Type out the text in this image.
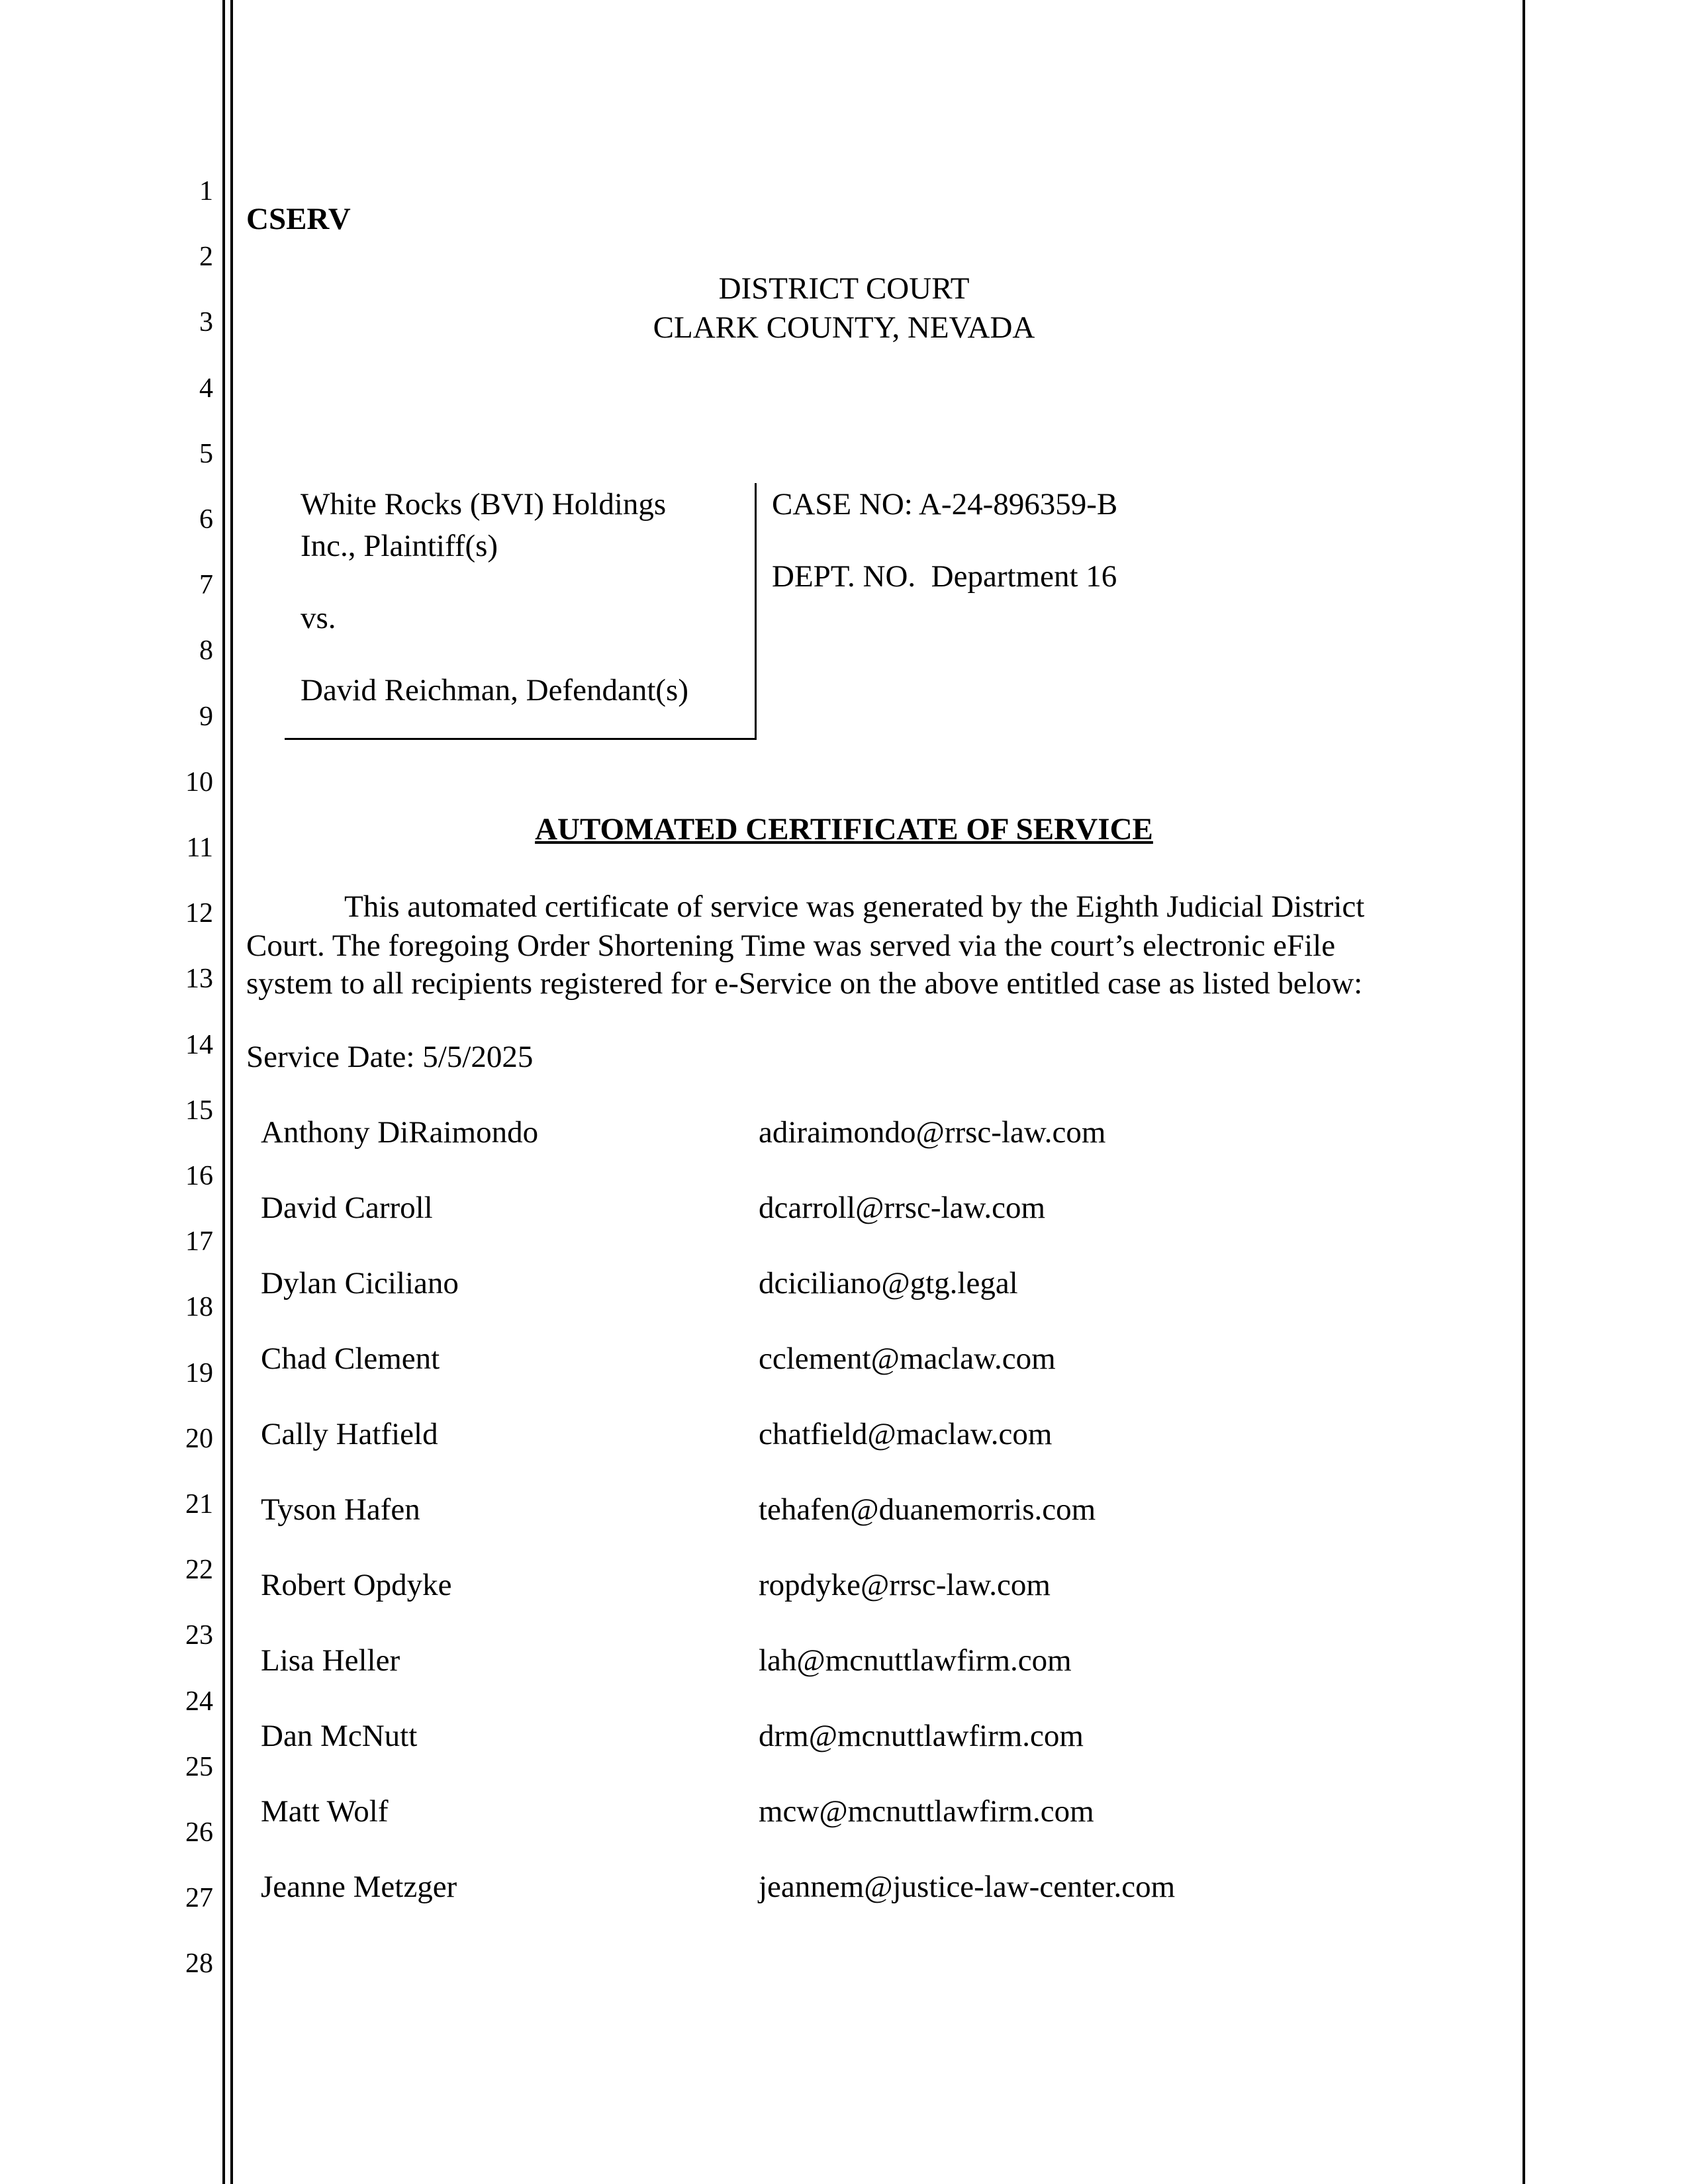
1
2
3
4
5
6
7
8
9
10
11
12
13
14
15
16
17
18
19
20
21
22
23
24
25
26
27
28
CSERV
DISTRICT COURT
CLARK COUNTY, NEVADA
White Rocks (BVI) Holdings
Inc., Plaintiff(s)
vs.
David Reichman, Defendant(s)
CASE NO: A-24-896359-B
DEPT. NO.  Department 16
AUTOMATED CERTIFICATE OF SERVICE
This automated certificate of service was generated by the Eighth Judicial District
Court. The foregoing Order Shortening Time was served via the court’s electronic eFile
system to all recipients registered for e-Service on the above entitled case as listed below:
Service Date: 5/5/2025
Anthony DiRaimondo	adiraimondo@rrsc-law.com
David Carroll	dcarroll@rrsc-law.com
Dylan Ciciliano	dciciliano@gtg.legal
Chad Clement	cclement@maclaw.com
Cally Hatfield	chatfield@maclaw.com
Tyson Hafen	tehafen@duanemorris.com
Robert Opdyke	ropdyke@rrsc-law.com
Lisa Heller	lah@mcnuttlawfirm.com
Dan McNutt	drm@mcnuttlawfirm.com
Matt Wolf	mcw@mcnuttlawfirm.com
Jeanne Metzger	jeannem@justice-law-center.com
